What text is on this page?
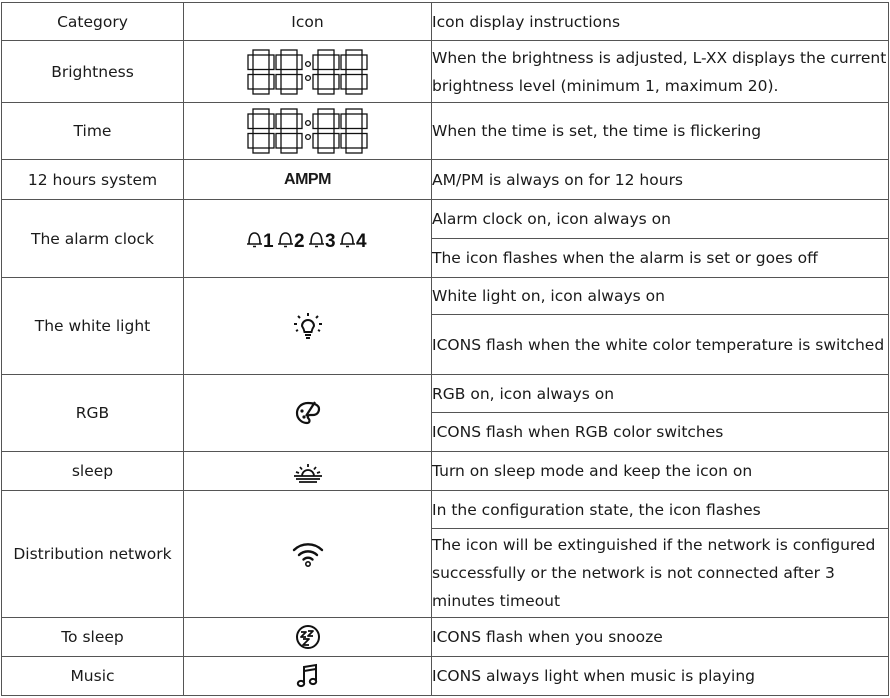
Category	Icon	Icon display instructions
Brightness		When the brightness is adjusted, L-XX displays the current brightness level (minimum 1, maximum 20).
Time		When the time is set, the time is flickering
12 hours system	AMPM	AM/PM is always on for 12 hours
The alarm clock	1 2 3 4	Alarm clock on, icon always on
		The icon flashes when the alarm is set or goes off
The white light		White light on, icon always on
		ICONS flash when the white color temperature is switched
RGB		RGB on, icon always on
		ICONS flash when RGB color switches
sleep		Turn on sleep mode and keep the icon on
Distribution network		In the configuration state, the icon flashes
		The icon will be extinguished if the network is configured successfully or the network is not connected after 3 minutes timeout
To sleep		ICONS flash when you snooze
Music		ICONS always light when music is playing
